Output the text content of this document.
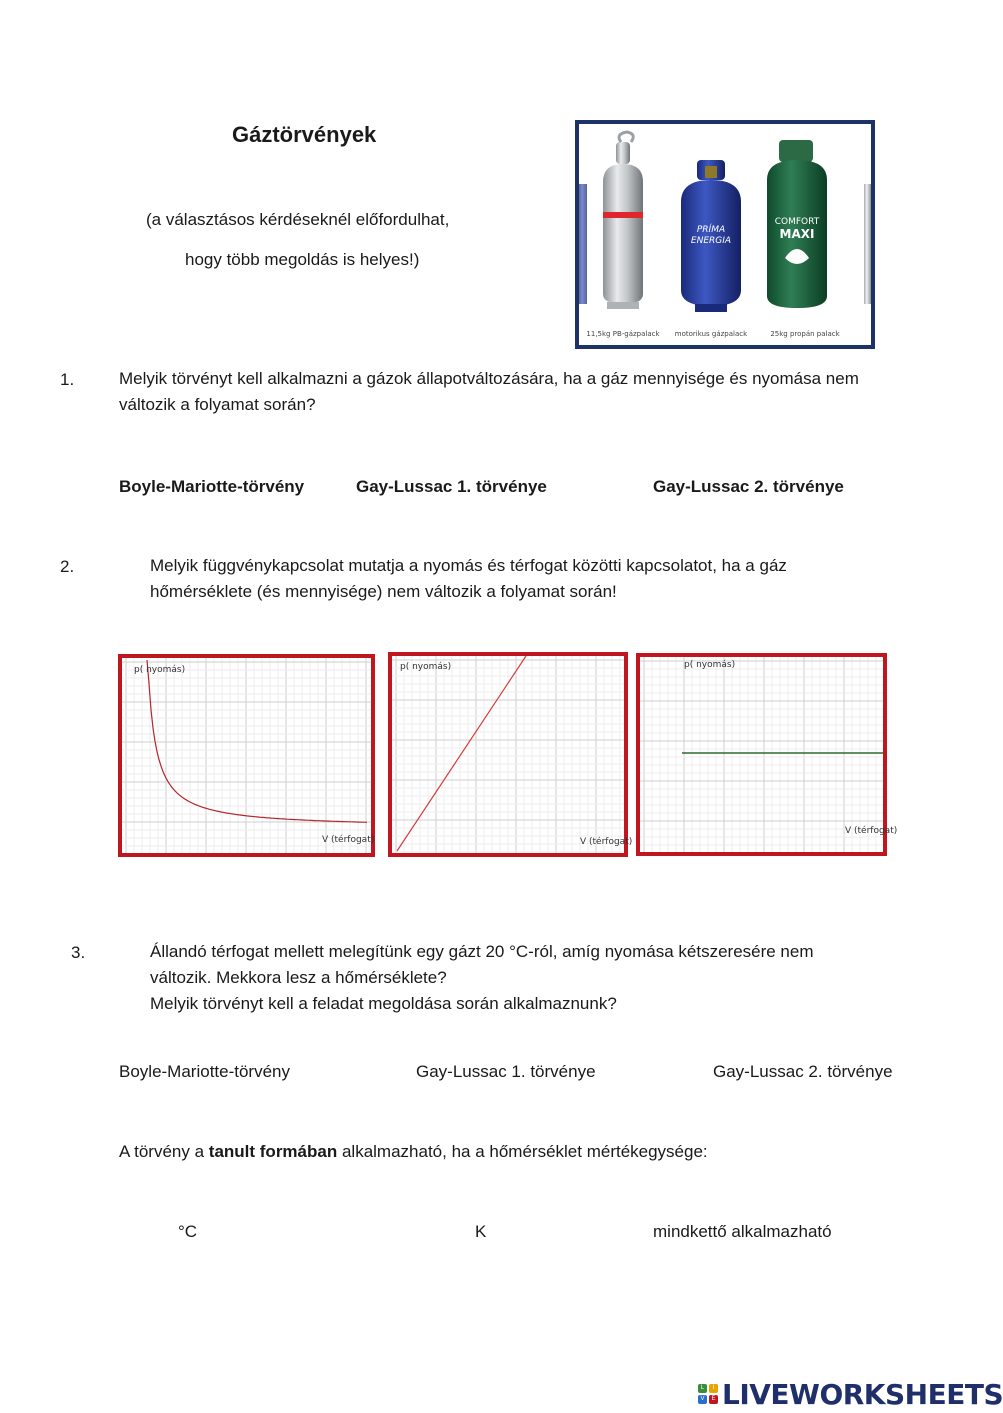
Gáztörvények
(a választásos kérdéseknél előfordulhat,
hogy több megoldás is helyes!)
PRÍMA
ENERGIA
COMFORT
MAXI
11,5kg PB-gázpalack motorikus gázpalack	25kg propán palack
1.	Melyik törvényt kell alkalmazni a gázok állapotváltozására, ha a gáz mennyisége és nyomása nem
változik a folyamat során?
Boyle-Mariotte-törvény	Gay-Lussac 1. törvénye	Gay-Lussac 2. törvénye
2.	Melyik függvénykapcsolat mutatja a nyomás és térfogat közötti kapcsolatot, ha a gáz
hőmérséklete (és mennyisége) nem változik a folyamat során!
p( nyomás)
V (térfogat)
p( nyomás)
V (térfogat)
p( nyomás)
V (térfogat)
3.	Állandó térfogat mellett melegítünk egy gázt 20 °C-ról, amíg nyomása kétszeresére nem
változik. Mekkora lesz a hőmérséklete?
Melyik törvényt kell a feladat megoldása során alkalmaznunk?
Boyle-Mariotte-törvény	Gay-Lussac 1. törvénye	Gay-Lussac 2. törvénye
A törvény a tanult formában alkalmazható, ha a hőmérséklet mértékegysége:
°C	K	mindkettő alkalmazható
L	I
V	E LIVEWORKSHEETS
